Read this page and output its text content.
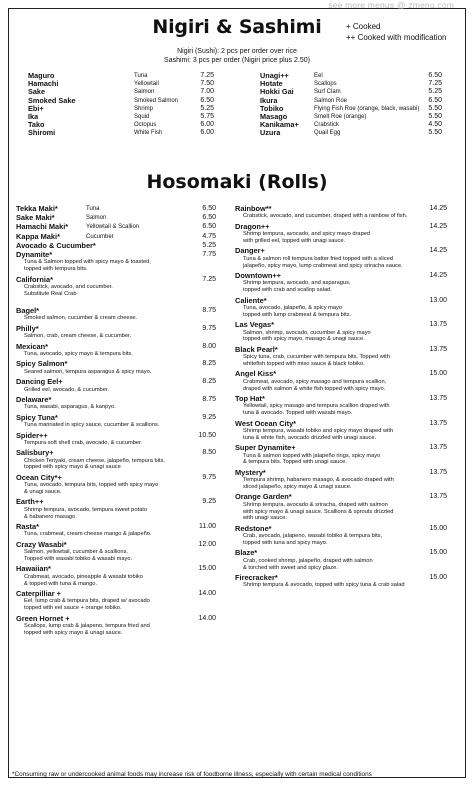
see more menus @ zmenu.com
Nigiri & Sashimi	+ Cooked
++ Cooked with modification
Nigiri (Sushi): 2 pcs per order over rice
Sashimi: 3 pcs per order (Nigiri price plus 2.50)
Maguro	Tuna	7.25
Hamachi	Yellowtail	7.50
Sake	Salmon	7.00
Smoked Sake	Smoked Salmon	6.50
Ebi+	Shrimp	5.25
Ika	Squid	5.75
Tako	Octopus	6.00
Shiromi	White Fish	6.00
Unagi++	Eel	6.50
Hotate	Scallops	7.25
Hokki Gai	Surf Clam	5.25
Ikura	Salmon Roe	6.50
Tobiko	Flying Fish Roe (orange, black, wasabi) 5.50
Masago	Smelt Roe (orange)	5.50
Kanikama+	Crabstick	4.50
Uzura	Quail Egg	5.50
Hosomaki (Rolls)
Tekka Maki*	Tuna	6.50
Sake Maki*	Salmon	6.50
Hamachi Maki*	Yellowtail & Scallion	6.50
Kappa Maki*	Cucumber	4.75
Avocado & Cucumber*	5.25
Dynamite*	7.75
Tuna & Salmon topped with spicy mayo & toasted,
topped with tempura bits.
California*	7.25
Crabstick, avocado, and cucumber.
Substitute Real Crab
Bagel*	8.75
Smoked salmon, cucumber & cream cheese.
Philly*	9.75
Salmon, crab, cream cheese, & cucumber.
Mexican*	8.00
Tuna, avocado, spicy mayo & tempura bits.
Spicy Salmon*	8.25
Seared salmon, tempura asparagus & spicy mayo.
Dancing Eel+	8.25
Grilled eel, avocado, & cucumber.
Delaware*	8.75
Tuna, wasabi, asparagus, & kanpyo.
Spicy Tuna*	9.25
Tuna marinated in spicy sauce, cucumber & scallions.
Spider++	10.50
Tempura soft shell crab, avocado, & cucumber.
Salisbury+	8.50
Chicken Teriyaki, cream cheese, jalapeño, tempura bits,
topped with spicy mayo & unagi sauce
Ocean City*+	9.75
Tuna, avocado, tempura bits, topped with spicy mayo
& unagi sauce.
Earth++	9.25
Shrimp tempura, avocado, tempura sweet potato
& habanero masago.
Rasta*	11.00
Tuna, crabmeat, cream cheese mango & jalapeño.
Crazy Wasabi*	12.00
Salmon, yellowtail, cucumber & scallions.
Topped with wasabi tobiko & wasabi mayo.
Hawaiian*	15.00
Crabmeat, avocado, pineapple & wasabi tobiko
& topped with tuna & mango.
Caterpilliar +	14.00
Eel, lump crab & tempura bits, draped w/ avocado
topped with eel sauce + orange tobiko.
Green Hornet +	14.00
Scallops, lump crab & jalapeno, tempura fried and
topped with spicy mayo & unagi sauce.
Rainbow**	14.25
Crabstick, avocado, and cucumber, draped with a rainbow of fish.
Dragon++	14.25
Shrimp tempura, avocado, and spicy mayo draped
with grilled eel, topped with unagi sauce.
Danger+	14.25
Tuna & salmon roll tempura batter fried topped with a sliced
jalapeño, spicy mayo, lump crabmeat and spicy sriracha sauce.
Downtown++	14.25
Shrimp tempura, avocado, and asparagus,
topped with crab and scallop salad.
Caliente*	13.00
Tuna, avocado, jalapeño, & spicy mayo
topped with lump crabmeat & tempura bits.
Las Vegas*	13.75
Salmon, shrimp, avocado, cucumber & spicy mayo
topped with spicy mayo, masago & unagi sauce.
Black Pearl*	13.75
Spicy tuna, crab, cucumber with tempura bits. Topped with
whitefish topped with miso sauce & black tobiko.
Angel Kiss*	15.00
Crabmeat, avocado, spicy masago and tempura scallion,
draped with salmon & white fish topped with spicy mayo.
Top Hat*	13.75
Yellowtail, spicy masago and tempura scallion draped with
tuna & avocado. Topped with wasabi mayo.
West Ocean City*	13.75
Shrimp tempura, wasabi tobiko and spicy mayo draped with
tuna & white fish, avocado drizzled with unagi sauce.
Super Dynamite+	13.75
Tuna & salmon topped with jalapeño rings, spicy mayo
& tempura bits. Topped with unagi sauce.
Mystery*	13.75
Tempura shrimp, habanero masago, & avocado draped with
sliced jalapeño, spicy mayo & unagi sauce.
Orange Garden*	13.75
Shrimp tempura, avocado & sriracha, draped with salmon
with spicy mayo & unagi sauce. Scallions & sprouts drizzled
with unagi sauce.
Redstone*	15.00
Crab, avocado, jalapeno, wasabi tobiko & tempura bits,
topped with tuna and spicy mayo.
Blaze*	15.00
Crab, cooked shrimp, jalapeño, draped with salmon
& torched with sweet and spicy glaze.
Firecracker*	15.00
Shrimp tempura & avocado, topped with spicy tuna & crab salad
*Consuming raw or undercooked animal foods may increase risk of foodborne illness, especially with certain medical conditions
